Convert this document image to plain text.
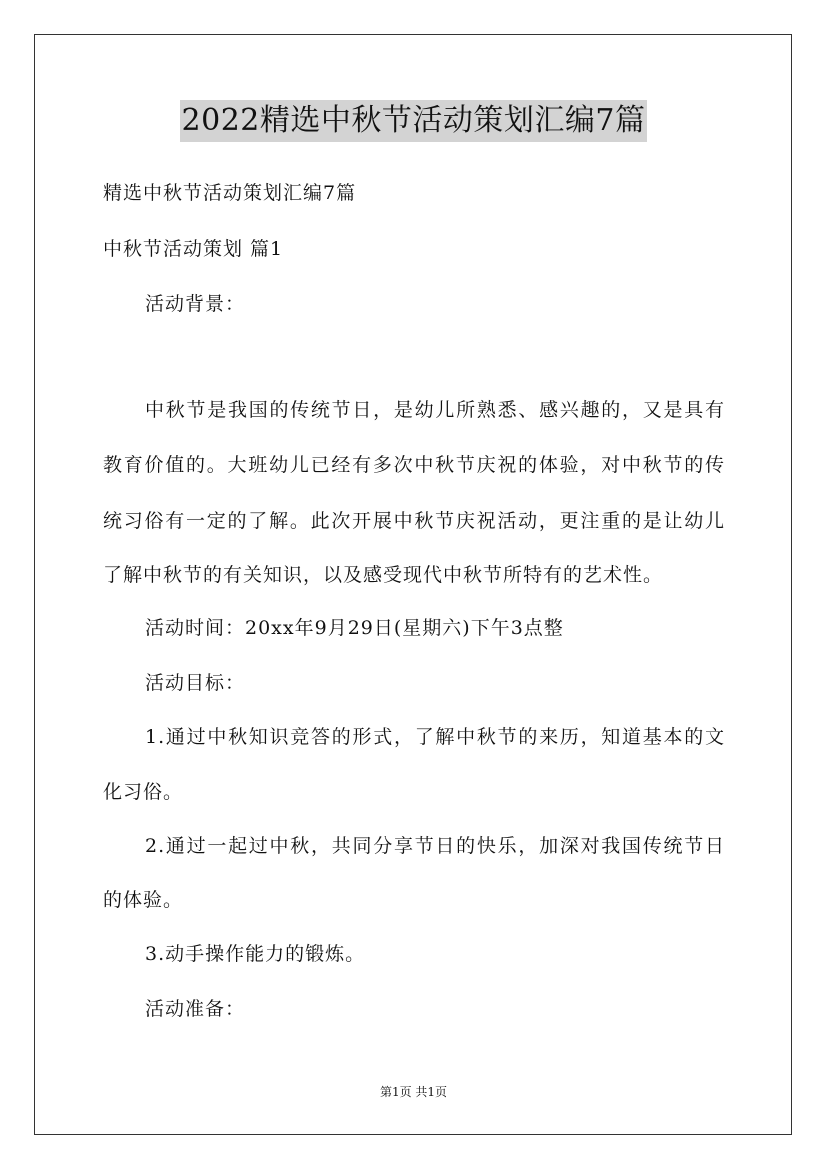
2022精选中秋节活动策划汇编7篇
精选中秋节活动策划汇编7篇
中秋节活动策划 篇1
活动背景：
中秋节是我国的传统节日，是幼儿所熟悉、感兴趣的，又是具有
教育价值的。大班幼儿已经有多次中秋节庆祝的体验，对中秋节的传
统习俗有一定的了解。此次开展中秋节庆祝活动，更注重的是让幼儿
了解中秋节的有关知识，以及感受现代中秋节所特有的艺术性。
活动时间：20xx年9月29日(星期六)下午3点整
活动目标：
1.通过中秋知识竞答的形式，了解中秋节的来历，知道基本的文
化习俗。
2.通过一起过中秋，共同分享节日的快乐，加深对我国传统节日
的体验。
3.动手操作能力的锻炼。
活动准备：
第1页 共1页
